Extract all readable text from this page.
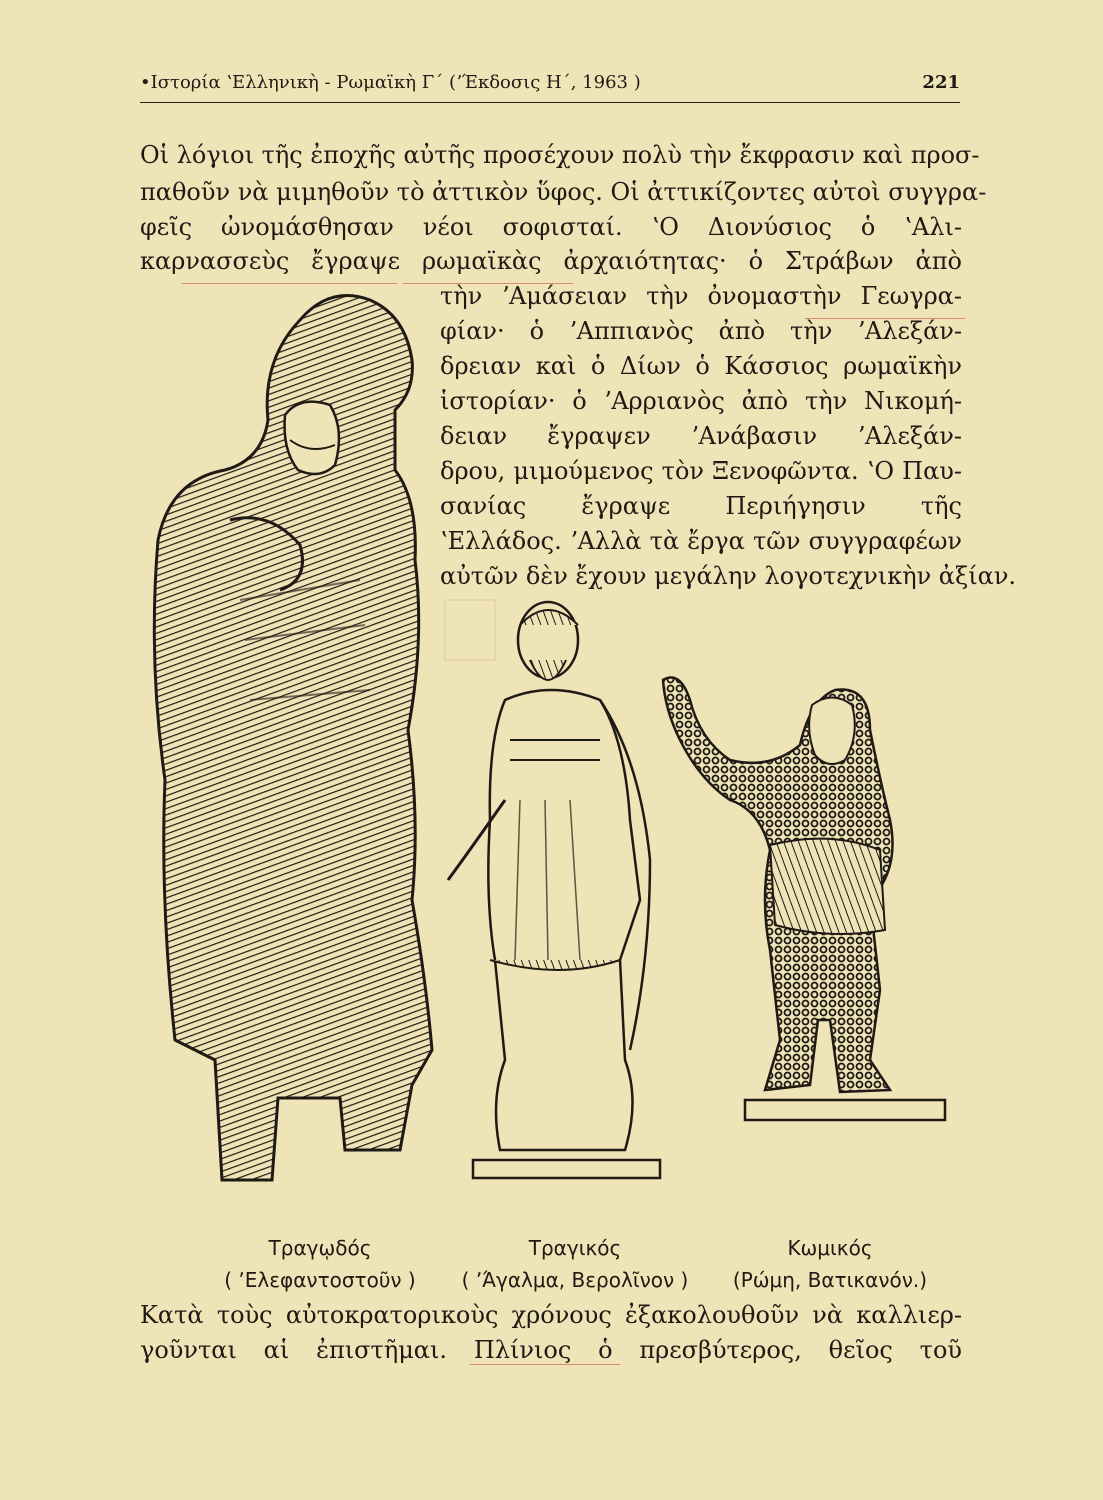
•Ιστορία ʽΕλληνικὴ - Ρωμαϊκὴ Γ΄ (ʼΈκδοσις Η΄, 1963 )	221
Οἱ λόγιοι τῆς ἐποχῆς αὐτῆς προσέχουν πολὺ τὴν ἔκφρασιν καὶ προσ-
παθοῦν νὰ μιμηθοῦν τὸ ἀττικὸν ὕφος. Οἱ ἀττικίζοντες αὐτοὶ συγγρα-
φεῖς ὠνομάσθησαν νέοι σοφισταί. ʽΟ Διονύσιος ὁ ʽΑλι-
καρνασσεὺς ἔγραψε ρωμαϊκὰς ἀρχαιότητας· ὁ Στράβων ἀπὸ
τὴν ʼΑμάσειαν τὴν ὀνομαστὴν Γεωγρα-
φίαν· ὁ ʼΑππιανὸς ἀπὸ τὴν ʼΑλεξάν-
δρειαν καὶ ὁ Δίων ὁ Κάσσιος ρωμαϊκὴν
ἱστορίαν· ὁ ʼΑρριανὸς ἀπὸ τὴν Νικομή-
δειαν ἔγραψεν ʼΑνάβασιν ʼΑλεξάν-
δρου, μιμούμενος τὸν Ξενοφῶντα. ʽΟ Παυ-
σανίας ἔγραψε Περιήγησιν τῆς
ʽΕλλάδος. ʼΑλλὰ τὰ ἔργα τῶν συγγραφέων
αὐτῶν δὲν ἔχουν μεγάλην λογοτεχνικὴν ἀξίαν.
Τραγῳδός
( ʼΕλεφαντοστοῦν )
Τραγικός
( ʼΆγαλμα, Βερολῖνον )
Κωμικός
(Ρώμη, Βατικανόν.)
Κατὰ τοὺς αὐτοκρατορικοὺς χρόνους ἐξακολουθοῦν νὰ καλλιερ-
γοῦνται αἱ ἐπιστῆμαι. Πλίνιος ὁ πρεσβύτερος, θεῖος τοῦ
